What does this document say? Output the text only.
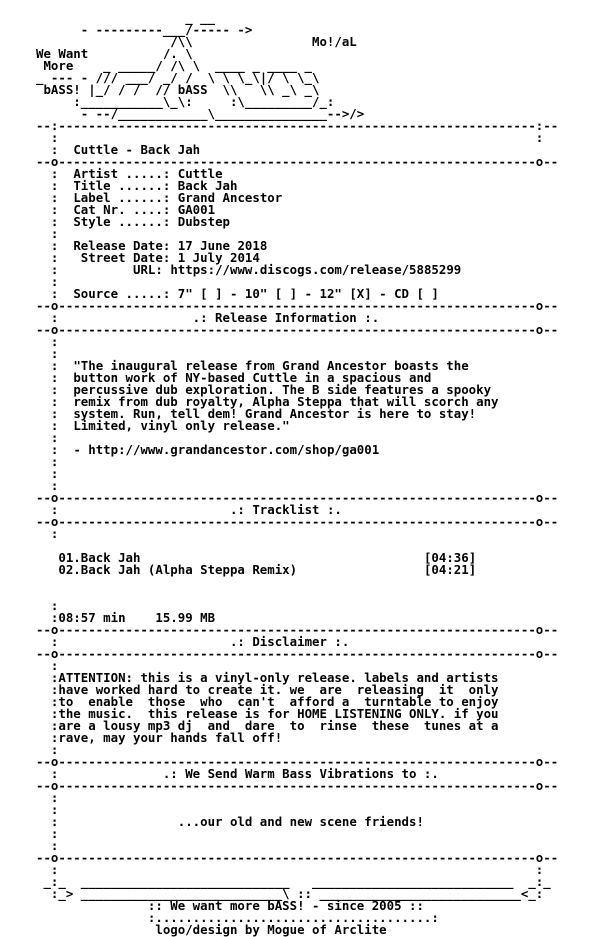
_ __
- ---------___/----- ->
/\\                Mo!/aL
We Want          /. \
More    _ _____/ /\ \  ____ _ ____ _
_ --- - /// ___/ _/ /  \ \ \_\|/ \ \_\
bASS! |_/ / /  // bASS  \\   \\ _\ _\
:___________\_\:     :\_________/_:
- --/____________\_______________-->/>
--:----------------------------------------------------------------:--
:                                                                :
:  Cuttle - Back Jah
--o----------------------------------------------------------------o--
:  Artist .....: Cuttle
:  Title ......: Back Jah
:  Label ......: Grand Ancestor
:  Cat Nr. ....: GA001
:  Style ......: Dubstep
:
:  Release Date: 17 June 2018
:   Street Date: 1 July 2014
:          URL: https://www.discogs.com/release/5885299
:
:  Source .....: 7" [ ] - 10" [ ] - 12" [X] - CD [ ]
--o----------------------------------------------------------------o--
:	.: Release Information :.
--o----------------------------------------------------------------o--
:
:
:  "The inaugural release from Grand Ancestor boasts the
:  button work of NY-based Cuttle in a spacious and
:  percussive dub exploration. The B side features a spooky
:  remix from dub royalty, Alpha Steppa that will scorch any
:  system. Run, tell dem! Grand Ancestor is here to stay!
:  Limited, vinyl only release."
:
:  - http://www.grandancestor.com/shop/ga001
:
:
:
--o----------------------------------------------------------------o--
:	.: Tracklist :.
--o----------------------------------------------------------------o--
:

01.Back Jah	[04:36]
02.Back Jah (Alpha Steppa Remix)	[04:21]

:
:08:57 min 15.99 MB
--o----------------------------------------------------------------o--
:	.: Disclaimer :.
--o----------------------------------------------------------------o--
:
:ATTENTION: this is a vinyl-only release. labels and artists
:have worked hard to create it. we  are  releasing  it  only
:to  enable  those  who  can't  afford a  turntable to enjoy
:the music.  this release is for HOME LISTENING ONLY. if you
:are a lousy mp3 dj  and  dare  to  rinse  these  tunes at a
:rave, may your hands fall off!
:
--o----------------------------------------------------------------o--
:	.: We Send Warm Bass Vibrations to :.
--o----------------------------------------------------------------o--
:
:
:	...our old and new scene friends!
:
:
--o----------------------------------------------------------------o--
:                                                                :
_:_  ____________________________   ___________________________  _:_
:_> ___________________________\ :: ___________________________<_:
:: We want more bASS! - since 2005 ::
:.....................................:
logo/design by Mogue of Arclite
